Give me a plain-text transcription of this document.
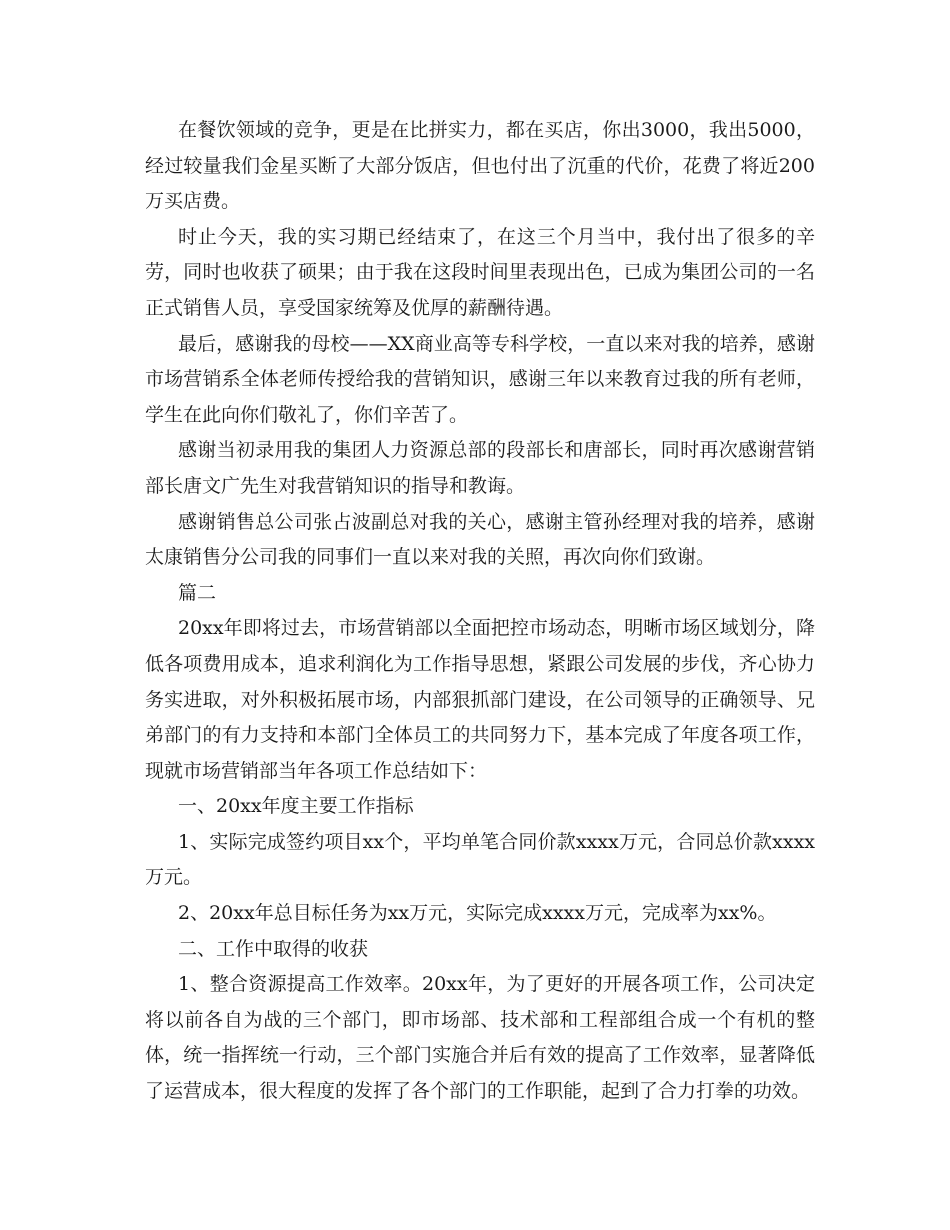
在餐饮领域的竞争，更是在比拼实力，都在买店，你出3000，我出5000，经过较量我们金星买断了大部分饭店，但也付出了沉重的代价，花费了将近200万买店费。

时止今天，我的实习期已经结束了，在这三个月当中，我付出了很多的辛劳，同时也收获了硕果；由于我在这段时间里表现出色，已成为集团公司的一名正式销售人员，享受国家统筹及优厚的薪酬待遇。

最后，感谢我的母校——XX商业高等专科学校，一直以来对我的培养，感谢市场营销系全体老师传授给我的营销知识，感谢三年以来教育过我的所有老师，学生在此向你们敬礼了，你们辛苦了。

感谢当初录用我的集团人力资源总部的段部长和唐部长，同时再次感谢营销部长唐文广先生对我营销知识的指导和教诲。

感谢销售总公司张占波副总对我的关心，感谢主管孙经理对我的培养，感谢太康销售分公司我的同事们一直以来对我的关照，再次向你们致谢。

篇二

20xx年即将过去，市场营销部以全面把控市场动态，明晰市场区域划分，降低各项费用成本，追求利润化为工作指导思想，紧跟公司发展的步伐，齐心协力务实进取，对外积极拓展市场，内部狠抓部门建设，在公司领导的正确领导、兄弟部门的有力支持和本部门全体员工的共同努力下，基本完成了年度各项工作，现就市场营销部当年各项工作总结如下：

一、20xx年度主要工作指标

1、实际完成签约项目xx个，平均单笔合同价款xxxx万元，合同总价款xxxx万元。

2、20xx年总目标任务为xx万元，实际完成xxxx万元，完成率为xx%。

二、工作中取得的收获

1、整合资源提高工作效率。20xx年，为了更好的开展各项工作，公司决定将以前各自为战的三个部门，即市场部、技术部和工程部组合成一个有机的整体，统一指挥统一行动，三个部门实施合并后有效的提高了工作效率，显著降低了运营成本，很大程度的发挥了各个部门的工作职能，起到了合力打拳的功效。
